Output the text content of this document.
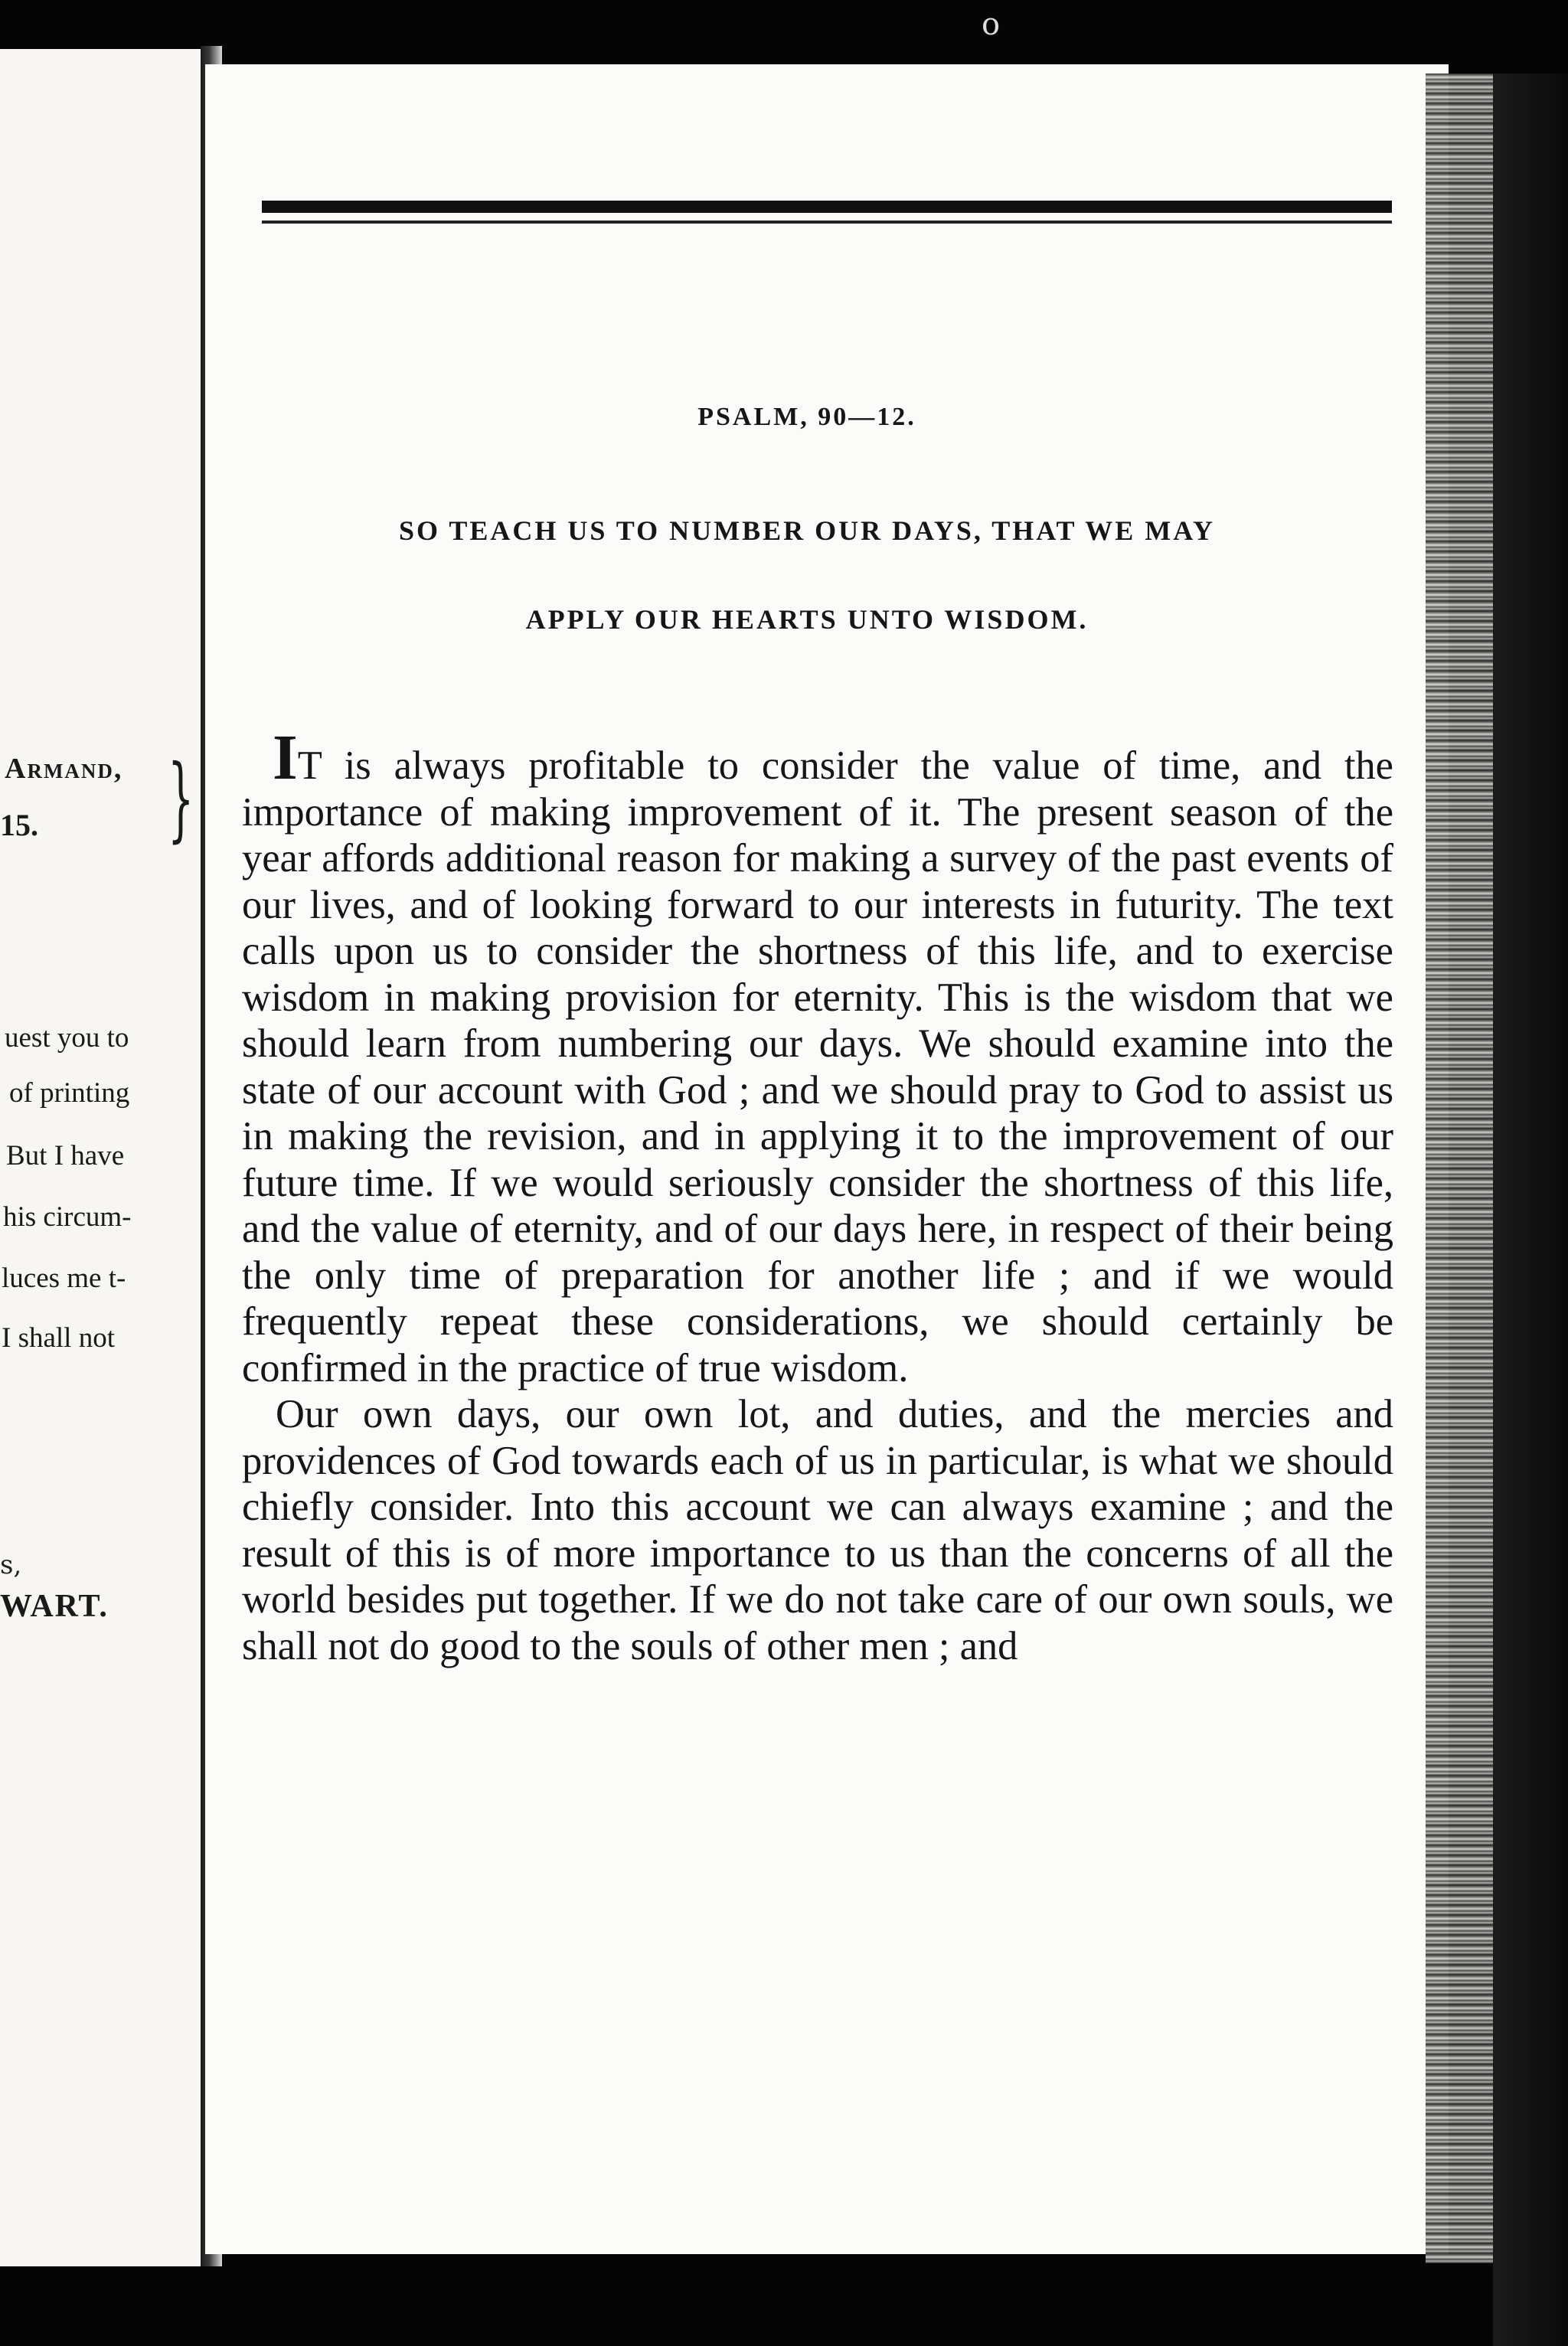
o
Armand, }
15.
uest you to
of printing
But I have
his circum-
luces me t-
I shall not
s,
WART.
PSALM, 90—12.
SO TEACH US TO NUMBER OUR DAYS, THAT WE MAY
APPLY OUR HEARTS UNTO WISDOM.

IT is always profitable to consider the value of time, and the importance of making improvement of it. The present season of the year affords additional reason for making a survey of the past events of our lives, and of looking forward to our interests in futurity. The text calls upon us to consider the shortness of this life, and to exercise wisdom in making provision for eternity. This is the wisdom that we should learn from numbering our days. We should examine into the state of our account with God ; and we should pray to God to assist us in making the revision, and in applying it to the improvement of our future time. If we would seriously consider the shortness of this life, and the value of eternity, and of our days here, in respect of their being the only time of preparation for another life ; and if we would frequently repeat these considerations, we should certainly be confirmed in the practice of true wisdom.

Our own days, our own lot, and duties, and the mercies and providences of God towards each of us in particular, is what we should chiefly consider. Into this account we can always examine ; and the result of this is of more importance to us than the concerns of all the world besides put together. If we do not take care of our own souls, we shall not do good to the souls of other men ; and
